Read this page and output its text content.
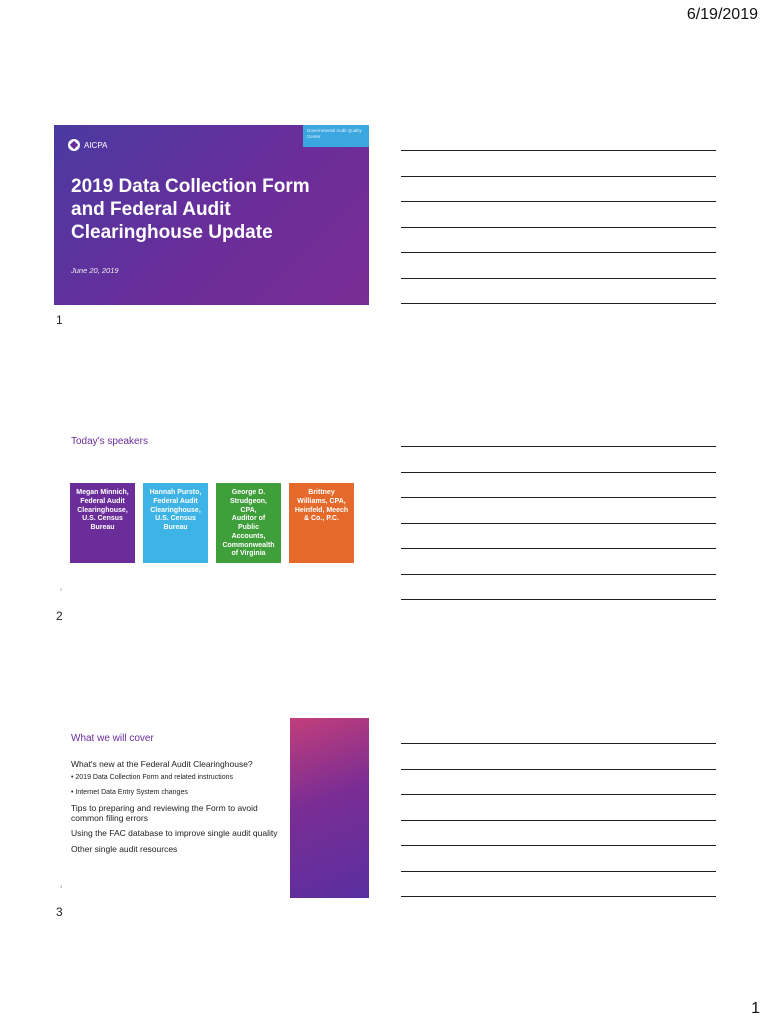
6/19/2019
AICPA
Governmental Audit Quality Center
2019 Data Collection Form and Federal Audit Clearinghouse Update
June 20, 2019
1
Today's speakers
Megan Minnich,
Federal Audit
Clearinghouse,
U.S. Census
Bureau
Hannah Pursto,
Federal Audit
Clearinghouse,
U.S. Census
Bureau
George D.
Strudgeon,
CPA,
Auditor of
Public
Accounts,
Commonwealth
of Virginia
Brittney
Williams, CPA,
Heinfeld, Meech
& Co., P.C.
2
2
What we will cover
What's new at the Federal Audit Clearinghouse?
• 2019 Data Collection Form and related instructions
• Internet Data Entry System changes
Tips to preparing and reviewing the Form to avoid common filing errors
Using the FAC database to improve single audit quality
Other single audit resources
3
3
1
